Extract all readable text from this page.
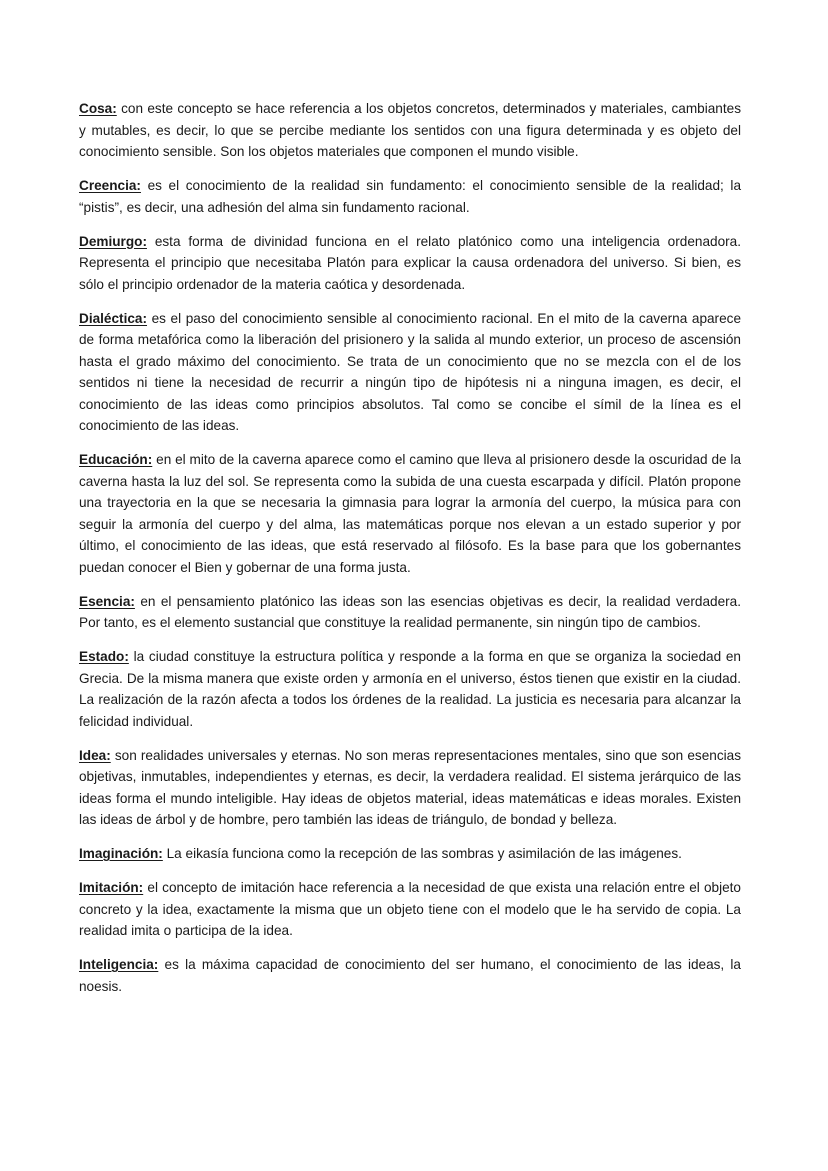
Cosa: con este concepto se hace referencia a los objetos concretos, determinados y materiales, cambiantes y mutables, es decir, lo que se percibe mediante los sentidos con una figura determinada y es objeto del conocimiento sensible. Son los objetos materiales que componen el mundo visible.

Creencia: es el conocimiento de la realidad sin fundamento: el conocimiento sensible de la realidad; la “pistis”, es decir, una adhesión del alma sin fundamento racional.

Demiurgo: esta forma de divinidad funciona en el relato platónico como una inteligencia ordenadora. Representa el principio que necesitaba Platón para explicar la causa ordenadora del universo. Si bien, es sólo el principio ordenador de la materia caótica y desordenada.

Dialéctica: es el paso del conocimiento sensible al conocimiento racional. En el mito de la caverna aparece de forma metafórica como la liberación del prisionero y la salida al mundo exterior, un proceso de ascensión hasta el grado máximo del conocimiento. Se trata de un conocimiento que no se mezcla con el de los sentidos ni tiene la necesidad de recurrir a ningún tipo de hipótesis ni a ninguna imagen, es decir, el conocimiento de las ideas como principios absolutos. Tal como se concibe el símil de la línea es el conocimiento de las ideas.

Educación: en el mito de la caverna aparece como el camino que lleva al prisionero desde la oscuridad de la caverna hasta la luz del sol. Se representa como la subida de una cuesta escarpada y difícil. Platón propone una trayectoria en la que se necesaria la gimnasia para lograr la armonía del cuerpo, la música para con seguir la armonía del cuerpo y del alma, las matemáticas porque nos elevan a un estado superior y por último, el conocimiento de las ideas, que está reservado al filósofo. Es la base para que los gobernantes puedan conocer el Bien y gobernar de una forma justa.

Esencia: en el pensamiento platónico las ideas son las esencias objetivas es decir, la realidad verdadera. Por tanto, es el elemento sustancial que constituye la realidad permanente, sin ningún tipo de cambios.

Estado: la ciudad constituye la estructura política y responde a la forma en que se organiza la sociedad en Grecia. De la misma manera que existe orden y armonía en el universo, éstos tienen que existir en la ciudad. La realización de la razón afecta a todos los órdenes de la realidad. La justicia es necesaria para alcanzar la felicidad individual.

Idea: son realidades universales y eternas. No son meras representaciones mentales, sino que son esencias objetivas, inmutables, independientes y eternas, es decir, la verdadera realidad. El sistema jerárquico de las ideas forma el mundo inteligible. Hay ideas de objetos material, ideas matemáticas e ideas morales. Existen las ideas de árbol y de hombre, pero también las ideas de triángulo, de bondad y belleza.

Imaginación: La eikasía funciona como la recepción de las sombras y asimilación de las imágenes.

Imitación: el concepto de imitación hace referencia a la necesidad de que exista una relación entre el objeto concreto y la idea, exactamente la misma que un objeto tiene con el modelo que le ha servido de copia. La realidad imita o participa de la idea.

Inteligencia: es la máxima capacidad de conocimiento del ser humano, el conocimiento de las ideas, la noesis.
